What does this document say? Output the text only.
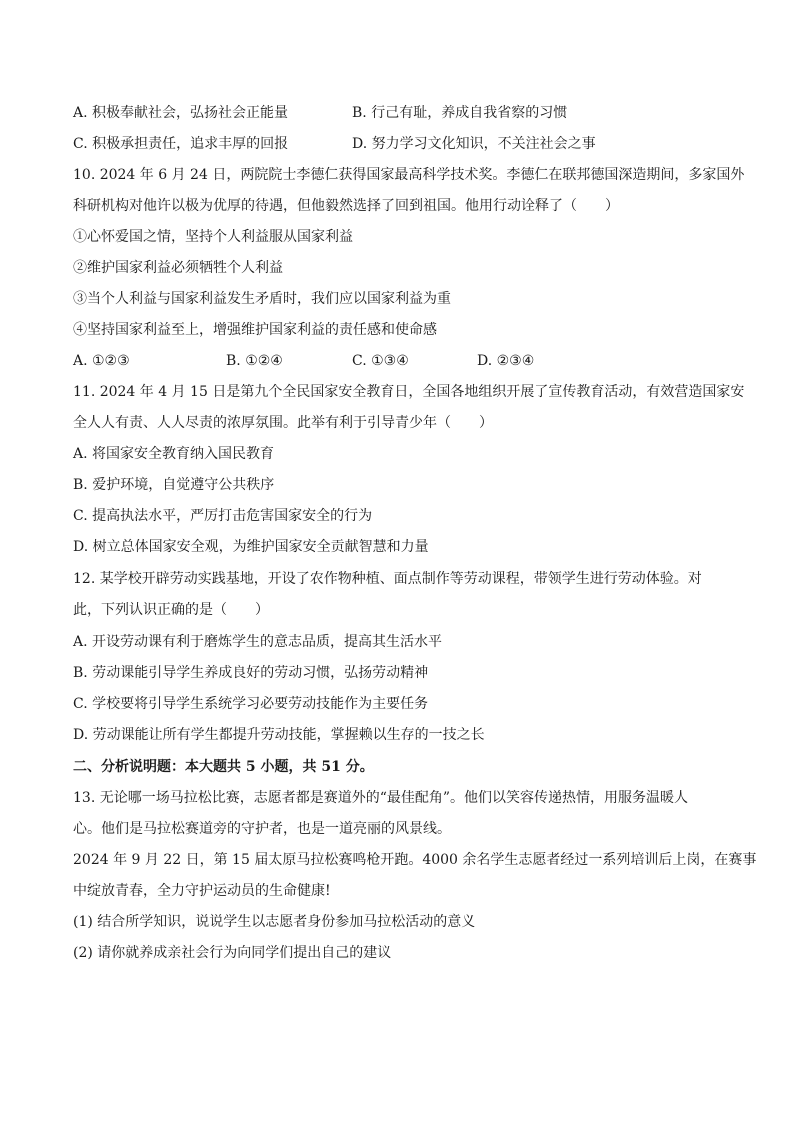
A. 积极奉献社会，弘扬社会正能量	B. 行己有耻，养成自我省察的习惯
C. 积极承担责任，追求丰厚的回报	D. 努力学习文化知识，不关注社会之事
10. 2024 年 6 月 24 日，两院院士李德仁获得国家最高科学技术奖。李德仁在联邦德国深造期间，多家国外
科研机构对他许以极为优厚的待遇，但他毅然选择了回到祖国。他用行动诠释了（　　）
①心怀爱国之情，坚持个人利益服从国家利益
②维护国家利益必须牺牲个人利益
③当个人利益与国家利益发生矛盾时，我们应以国家利益为重
④坚持国家利益至上，增强维护国家利益的责任感和使命感
A. ①②③	B. ①②④	C. ①③④	D. ②③④
11. 2024 年 4 月 15 日是第九个全民国家安全教育日，全国各地组织开展了宣传教育活动，有效营造国家安
全人人有责、人人尽责的浓厚氛围。此举有利于引导青少年（　　）
A. 将国家安全教育纳入国民教育
B. 爱护环境，自觉遵守公共秩序
C. 提高执法水平，严厉打击危害国家安全的行为
D. 树立总体国家安全观，为维护国家安全贡献智慧和力量
12. 某学校开辟劳动实践基地，开设了农作物种植、面点制作等劳动课程，带领学生进行劳动体验。对
此，下列认识正确的是（　　）
A. 开设劳动课有利于磨炼学生的意志品质，提高其生活水平
B. 劳动课能引导学生养成良好的劳动习惯，弘扬劳动精神
C. 学校要将引导学生系统学习必要劳动技能作为主要任务
D. 劳动课能让所有学生都提升劳动技能，掌握赖以生存的一技之长
二、分析说明题：本大题共 5 小题，共 51 分。
13. 无论哪一场马拉松比赛，志愿者都是赛道外的“最佳配角”。他们以笑容传递热情，用服务温暖人
心。他们是马拉松赛道旁的守护者，也是一道亮丽的风景线。
2024 年 9 月 22 日，第 15 届太原马拉松赛鸣枪开跑。4000 余名学生志愿者经过一系列培训后上岗，在赛事
中绽放青春，全力守护运动员的生命健康!
(1) 结合所学知识，说说学生以志愿者身份参加马拉松活动的意义
(2) 请你就养成亲社会行为向同学们提出自己的建议
